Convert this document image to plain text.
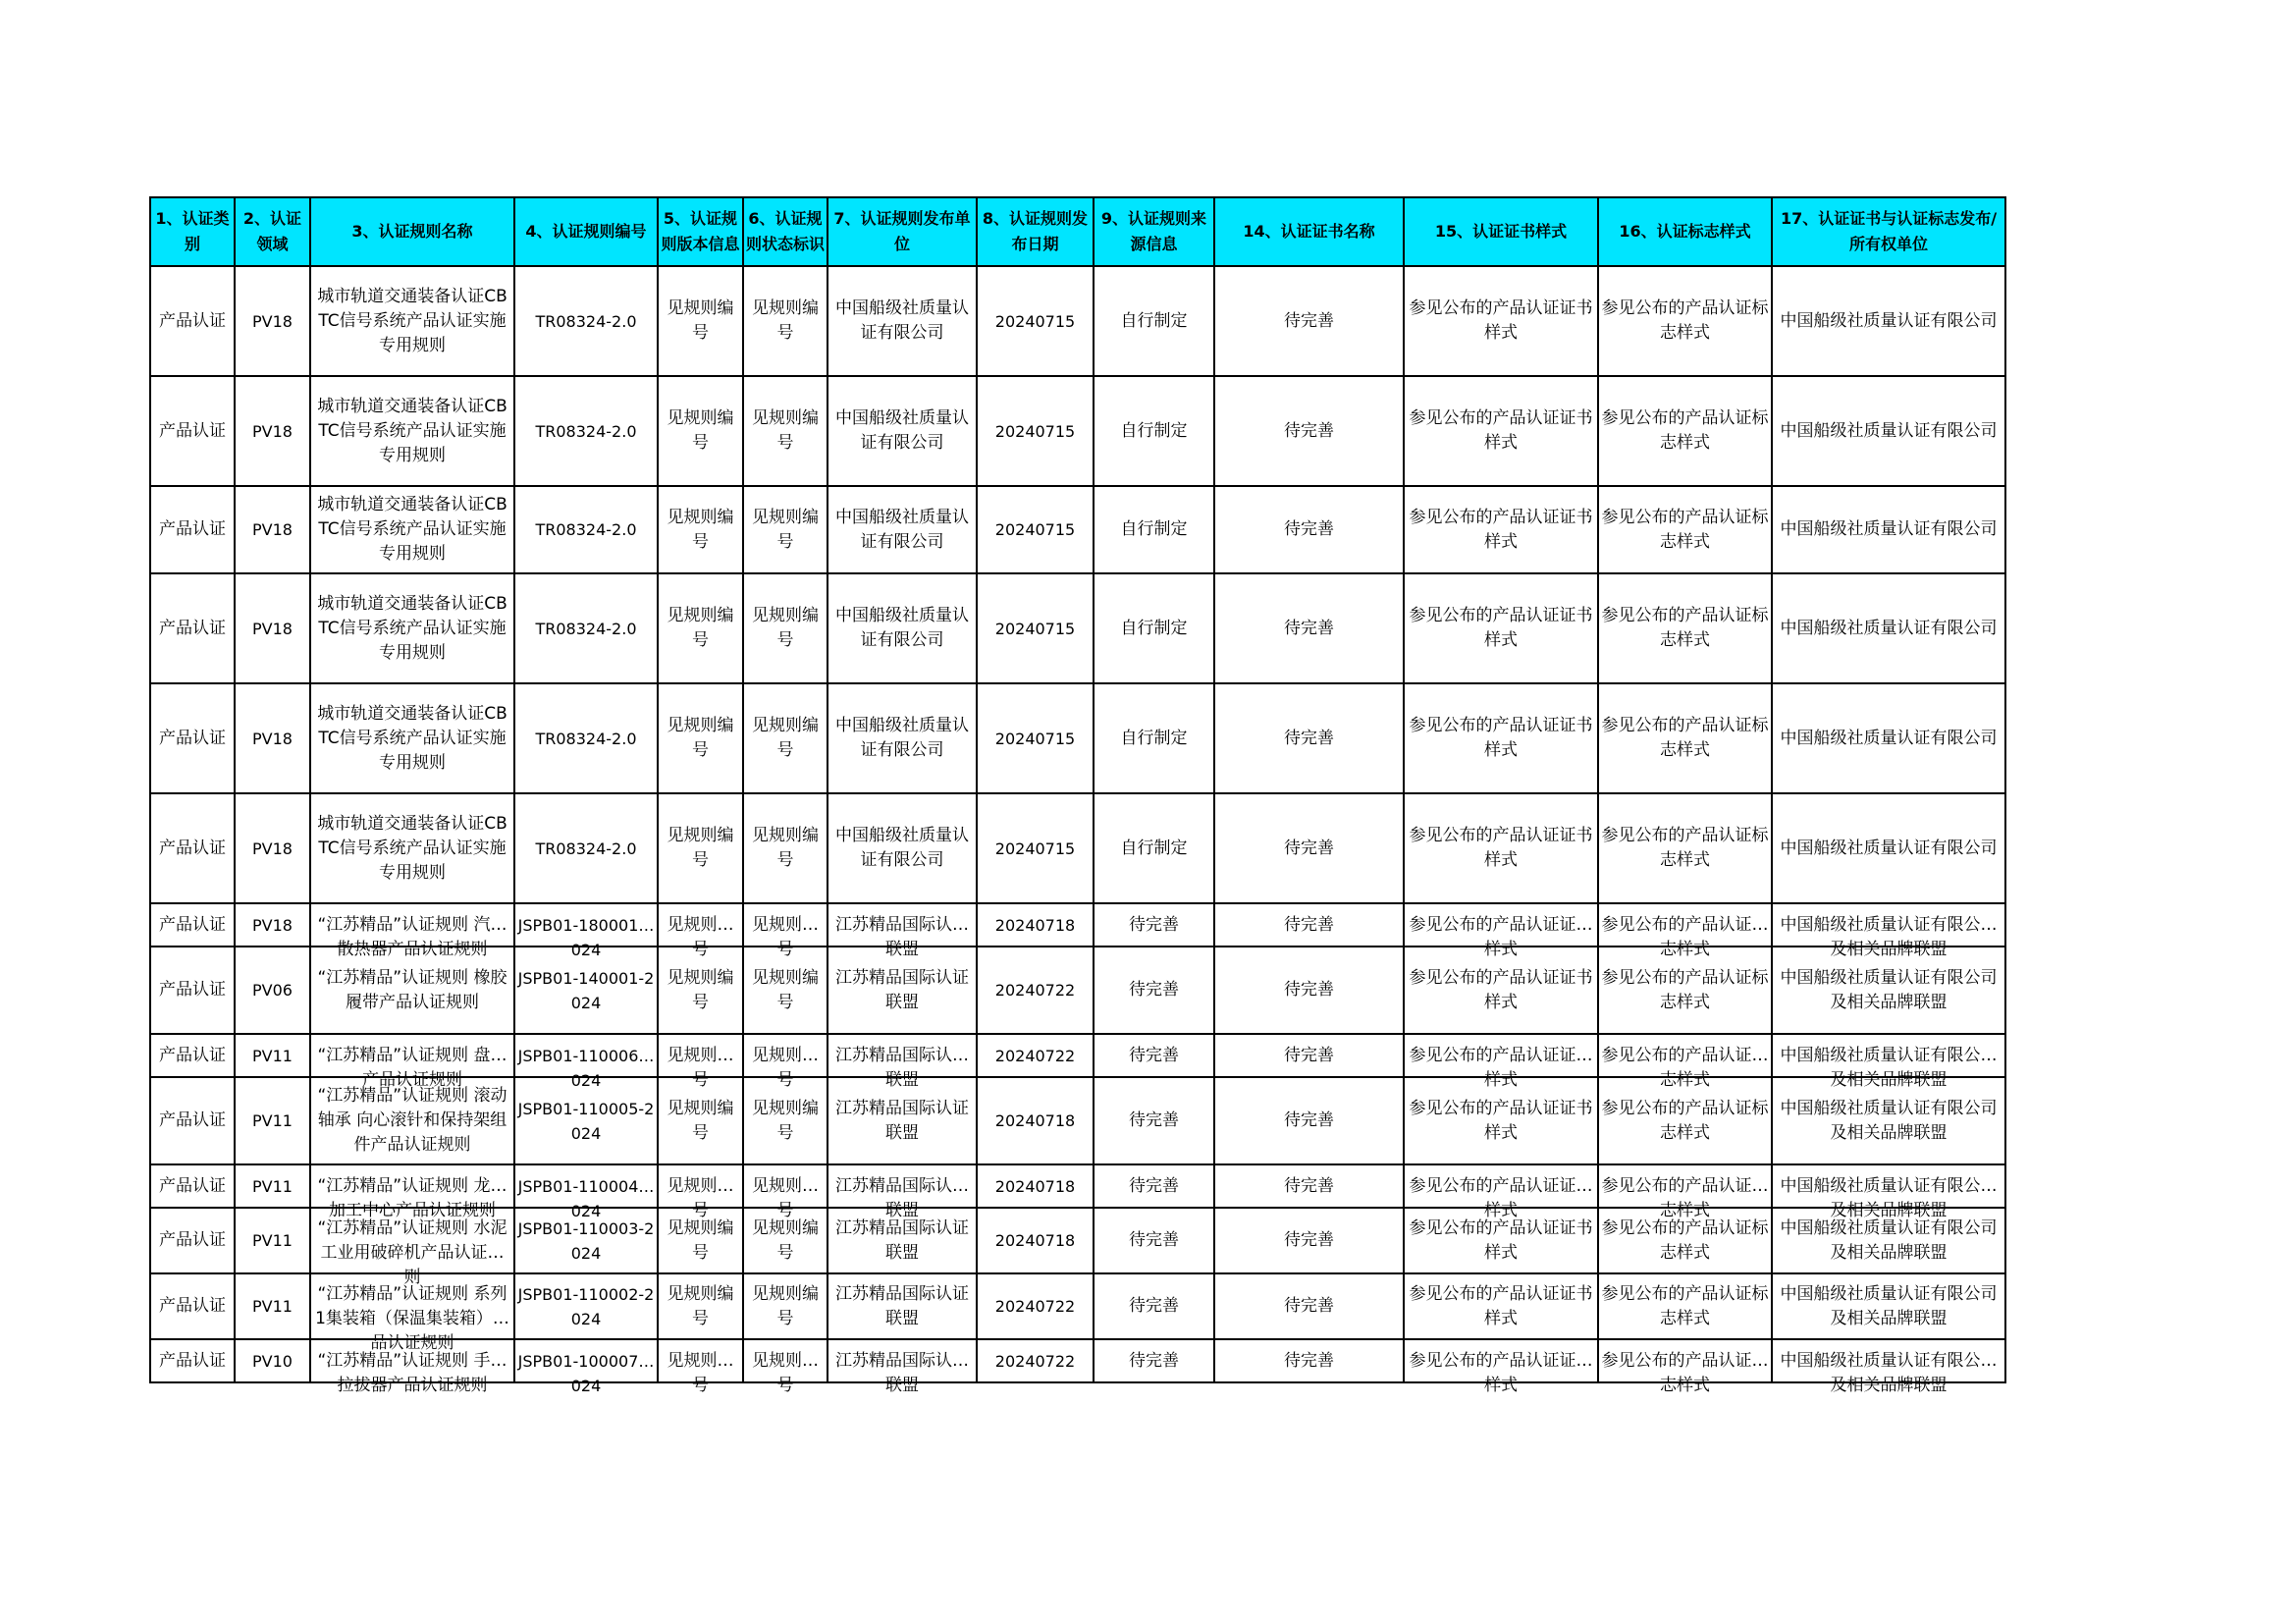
1、认证类别	2、认证领域	3、认证规则名称	4、认证规则编号	5、认证规则版本信息	6、认证规则状态标识	7、认证规则发布单位	8、认证规则发布日期	9、认证规则来源信息	14、认证证书名称	15、认证证书样式	16、认证标志样式	17、认证证书与认证标志发布/所有权单位

产品认证	PV18	城市轨道交通装备认证CBTC信号系统产品认证实施专用规则	TR08324-2.0	见规则编号	见规则编号	中国船级社质量认证有限公司	20240715	自行制定	待完善	参见公布的产品认证证书样式	参见公布的产品认证标志样式	中国船级社质量认证有限公司

产品认证	PV18	城市轨道交通装备认证CBTC信号系统产品认证实施专用规则	TR08324-2.0	见规则编号	见规则编号	中国船级社质量认证有限公司	20240715	自行制定	待完善	参见公布的产品认证证书样式	参见公布的产品认证标志样式	中国船级社质量认证有限公司

产品认证	PV18	城市轨道交通装备认证CBTC信号系统产品认证实施专用规则	TR08324-2.0	见规则编号	见规则编号	中国船级社质量认证有限公司	20240715	自行制定	待完善	参见公布的产品认证证书样式	参见公布的产品认证标志样式	中国船级社质量认证有限公司

产品认证	PV18	城市轨道交通装备认证CBTC信号系统产品认证实施专用规则	TR08324-2.0	见规则编号	见规则编号	中国船级社质量认证有限公司	20240715	自行制定	待完善	参见公布的产品认证证书样式	参见公布的产品认证标志样式	中国船级社质量认证有限公司

产品认证	PV18	城市轨道交通装备认证CBTC信号系统产品认证实施专用规则	TR08324-2.0	见规则编号	见规则编号	中国船级社质量认证有限公司	20240715	自行制定	待完善	参见公布的产品认证证书样式	参见公布的产品认证标志样式	中国船级社质量认证有限公司

产品认证	PV18	城市轨道交通装备认证CBTC信号系统产品认证实施专用规则	TR08324-2.0	见规则编号	见规则编号	中国船级社质量认证有限公司	20240715	自行制定	待完善	参见公布的产品认证证书样式	参见公布的产品认证标志样式	中国船级社质量认证有限公司

产品认证	PV18	“江苏精品”认证规则 汽车散热器产品认证规则	JSPB01-180001-2024	见规则编号	见规则编号	江苏精品国际认证联盟	20240718	待完善	待完善	参见公布的产品认证证书样式	参见公布的产品认证标志样式	中国船级社质量认证有限公司及相关品牌联盟

产品认证	PV06	“江苏精品”认证规则 橡胶履带产品认证规则	JSPB01-140001-2024	见规则编号	见规则编号	江苏精品国际认证联盟	20240722	待完善	待完善	参见公布的产品认证证书样式	参见公布的产品认证标志样式	中国船级社质量认证有限公司及相关品牌联盟

产品认证	PV11	“江苏精品”认证规则 盘阀产品认证规则	JSPB01-110006-2024	见规则编号	见规则编号	江苏精品国际认证联盟	20240722	待完善	待完善	参见公布的产品认证证书样式	参见公布的产品认证标志样式	中国船级社质量认证有限公司及相关品牌联盟

产品认证	PV11	“江苏精品”认证规则 滚动轴承 向心滚针和保持架组件产品认证规则	JSPB01-110005-2024	见规则编号	见规则编号	江苏精品国际认证联盟	20240718	待完善	待完善	参见公布的产品认证证书样式	参见公布的产品认证标志样式	中国船级社质量认证有限公司及相关品牌联盟

产品认证	PV11	“江苏精品”认证规则 龙门加工中心产品认证规则	JSPB01-110004-2024	见规则编号	见规则编号	江苏精品国际认证联盟	20240718	待完善	待完善	参见公布的产品认证证书样式	参见公布的产品认证标志样式	中国船级社质量认证有限公司及相关品牌联盟

产品认证	PV11	“江苏精品”认证规则 水泥工业用破碎机产品认证规则	JSPB01-110003-2024	见规则编号	见规则编号	江苏精品国际认证联盟	20240718	待完善	待完善	参见公布的产品认证证书样式	参见公布的产品认证标志样式	中国船级社质量认证有限公司及相关品牌联盟

产品认证	PV11	“江苏精品”认证规则 系列1集装箱（保温集装箱）产品认证规则	JSPB01-110002-2024	见规则编号	见规则编号	江苏精品国际认证联盟	20240722	待完善	待完善	参见公布的产品认证证书样式	参见公布的产品认证标志样式	中国船级社质量认证有限公司及相关品牌联盟

产品认证	PV10	“江苏精品”认证规则 手动拉拔器产品认证规则	JSPB01-100007-2024	见规则编号	见规则编号	江苏精品国际认证联盟	20240722	待完善	待完善	参见公布的产品认证证书样式	参见公布的产品认证标志样式	中国船级社质量认证有限公司及相关品牌联盟
